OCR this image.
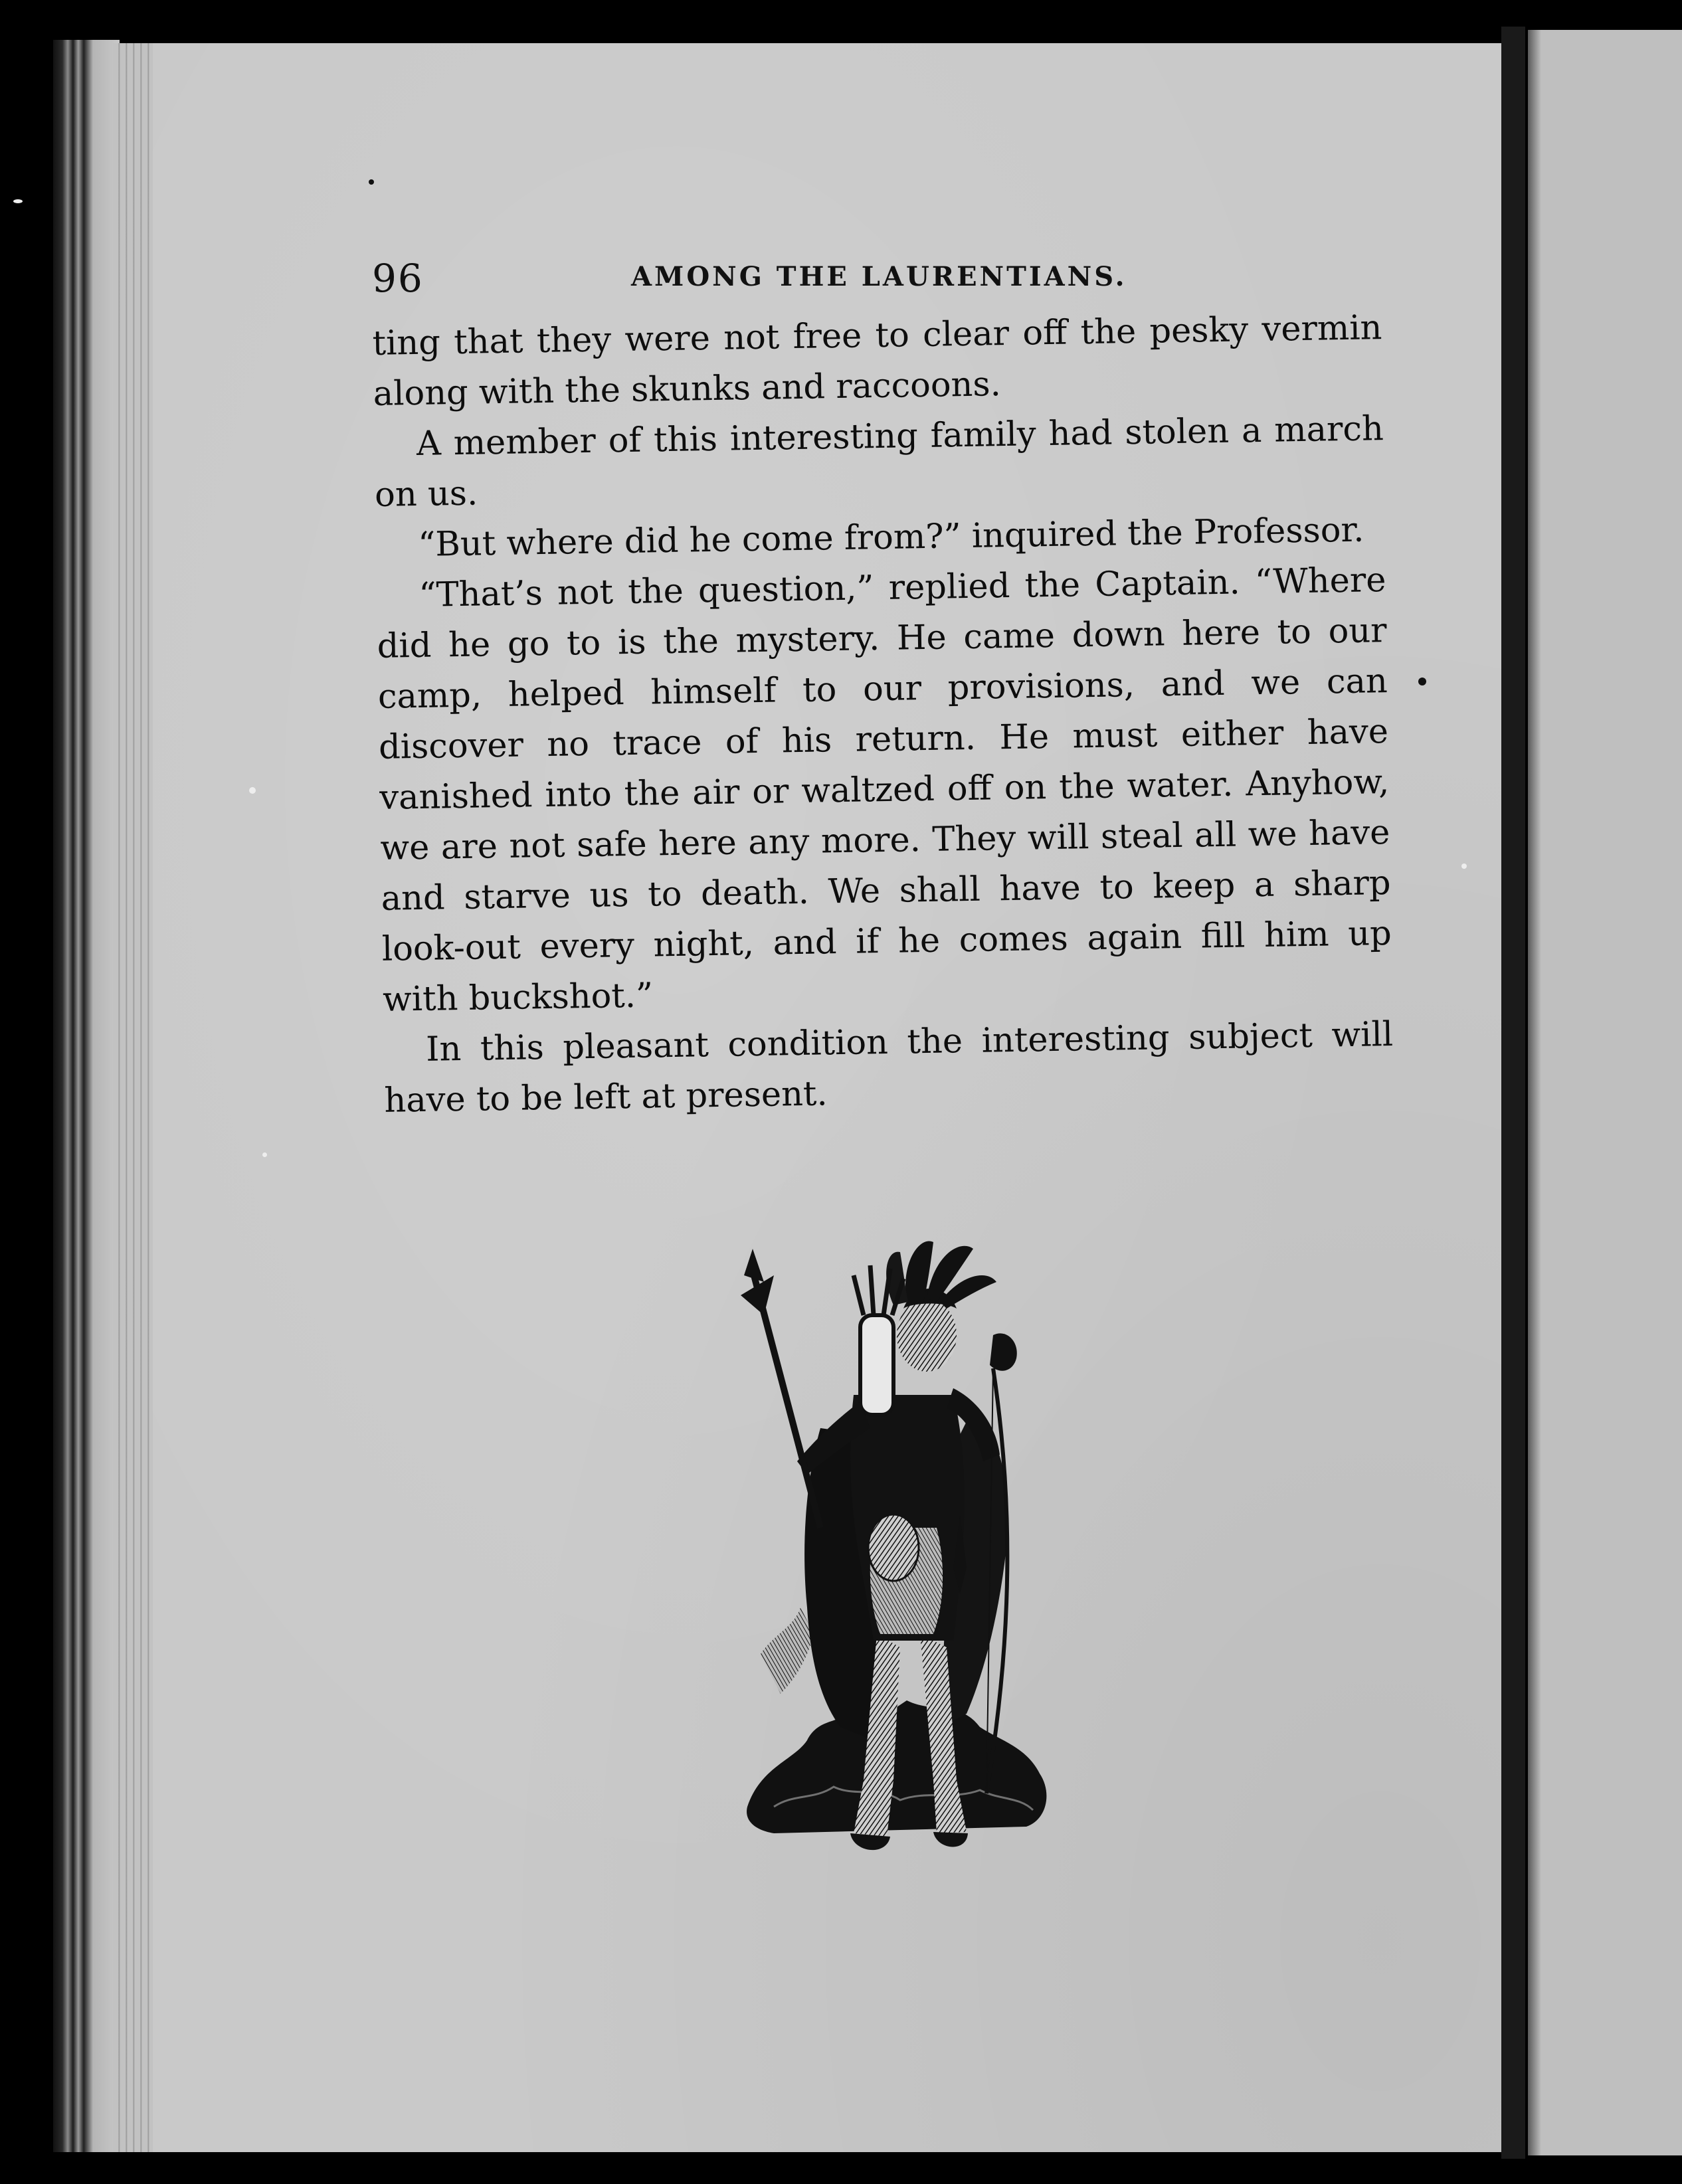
96	AMONG THE LAURENTIANS.

ting that they were not free to clear off the pesky vermin along with the skunks and raccoons.

A member of this interesting family had stolen a march on us.

“But where did he come from?” inquired the Professor.

“That’s not the question,” replied the Captain. “Where did he go to is the mystery. He came down here to our camp, helped himself to our provisions, and we can discover no trace of his return. He must either have vanished into the air or waltzed off on the water. Anyhow, we are not safe here any more. They will steal all we have and starve us to death. We shall have to keep a sharp look-out every night, and if he comes again fill him up with buckshot.”

In this pleasant condition the interesting subject will have to be left at present.
